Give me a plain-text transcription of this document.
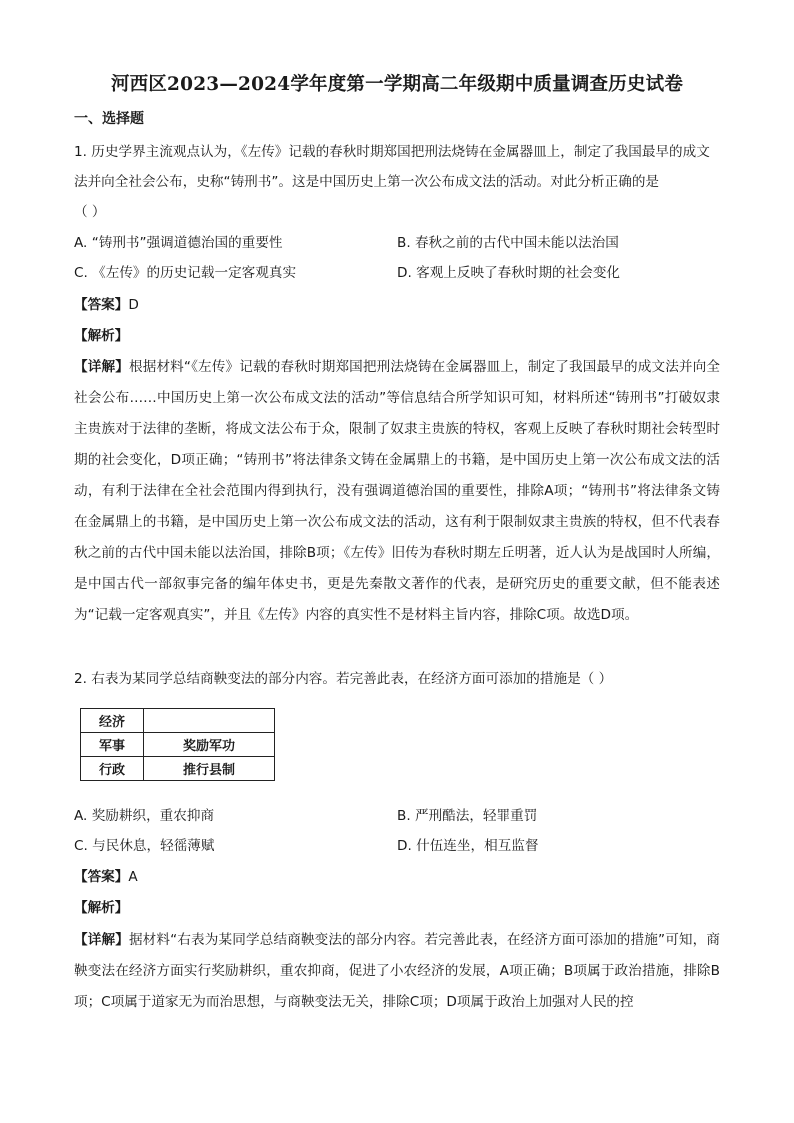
河西区2023—2024学年度第一学期高二年级期中质量调查历史试卷
一、选择题
1. 历史学界主流观点认为，《左传》记载的春秋时期郑国把刑法烧铸在金属器皿上，制定了我国最早的成文法并向全社会公布，史称“铸刑书”。这是中国历史上第一次公布成文法的活动。对此分析正确的是
（ ）
A. “铸刑书”强调道德治国的重要性	B. 春秋之前的古代中国未能以法治国
C. 《左传》的历史记载一定客观真实	D. 客观上反映了春秋时期的社会变化
【答案】D
【解析】
【详解】根据材料“《左传》记载的春秋时期郑国把刑法烧铸在金属器皿上，制定了我国最早的成文法并向全社会公布……中国历史上第一次公布成文法的活动”等信息结合所学知识可知，材料所述“铸刑书”打破奴隶主贵族对于法律的垄断，将成文法公布于众，限制了奴隶主贵族的特权，客观上反映了春秋时期社会转型时期的社会变化，D项正确；“铸刑书”将法律条文铸在金属鼎上的书籍，是中国历史上第一次公布成文法的活动，有利于法律在全社会范围内得到执行，没有强调道德治国的重要性，排除A项；“铸刑书”将法律条文铸在金属鼎上的书籍，是中国历史上第一次公布成文法的活动，这有利于限制奴隶主贵族的特权，但不代表春秋之前的古代中国未能以法治国，排除B项；《左传》旧传为春秋时期左丘明著，近人认为是战国时人所编，是中国古代一部叙事完备的编年体史书，更是先秦散文著作的代表，是研究历史的重要文献，但不能表述为“记载一定客观真实”，并且《左传》内容的真实性不是材料主旨内容，排除C项。故选D项。
2. 右表为某同学总结商鞅变法的部分内容。若完善此表，在经济方面可添加的措施是（ ）
经济	
军事	奖励军功
行政	推行县制
A. 奖励耕织，重农抑商	B. 严刑酷法，轻罪重罚
C. 与民休息，轻徭薄赋	D. 什伍连坐，相互监督
【答案】A
【解析】
【详解】据材料“右表为某同学总结商鞅变法的部分内容。若完善此表，在经济方面可添加的措施”可知，商鞅变法在经济方面实行奖励耕织，重农抑商，促进了小农经济的发展，A项正确；B项属于政治措施，排除B项；C项属于道家无为而治思想，与商鞅变法无关，排除C项；D项属于政治上加强对人民的控
